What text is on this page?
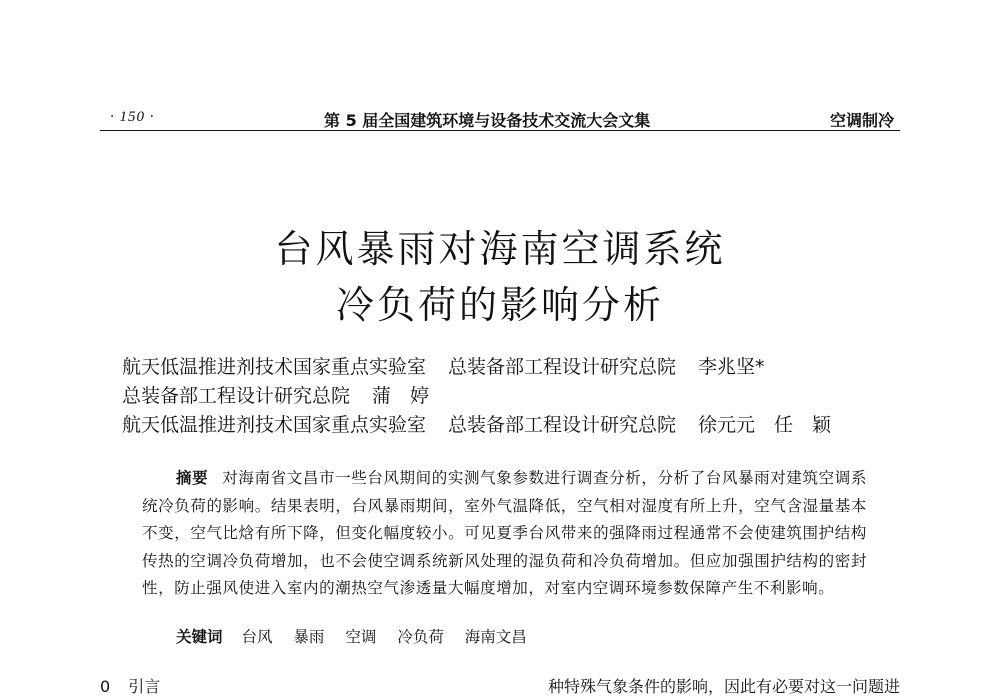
· 150 ·	第 5 届全国建筑环境与设备技术交流大会文集	空调制冷
台风暴雨对海南空调系统
冷负荷的影响分析
航天低温推进剂技术国家重点实验室 总装备部工程设计研究总院 李兆坚*
总装备部工程设计研究总院 蒲　婷
航天低温推进剂技术国家重点实验室 总装备部工程设计研究总院 徐元元　任　颖
摘要 对海南省文昌市一些台风期间的实测气象参数进行调查分析，分析了台风暴雨对建筑空调系统冷负荷的影响。结果表明，台风暴雨期间，室外气温降低，空气相对湿度有所上升，空气含湿量基本不变，空气比焓有所下降，但变化幅度较小。可见夏季台风带来的强降雨过程通常不会使建筑围护结构传热的空调冷负荷增加，也不会使空调系统新风处理的湿负荷和冷负荷增加。但应加强围护结构的密封性，防止强风使进入室内的潮热空气渗透量大幅度增加，对室内空调环境参数保障产生不利影响。
关键词 台风 暴雨 空调 冷负荷 海南文昌
0 引言	种特殊气象条件的影响，因此有必要对这一问题进
